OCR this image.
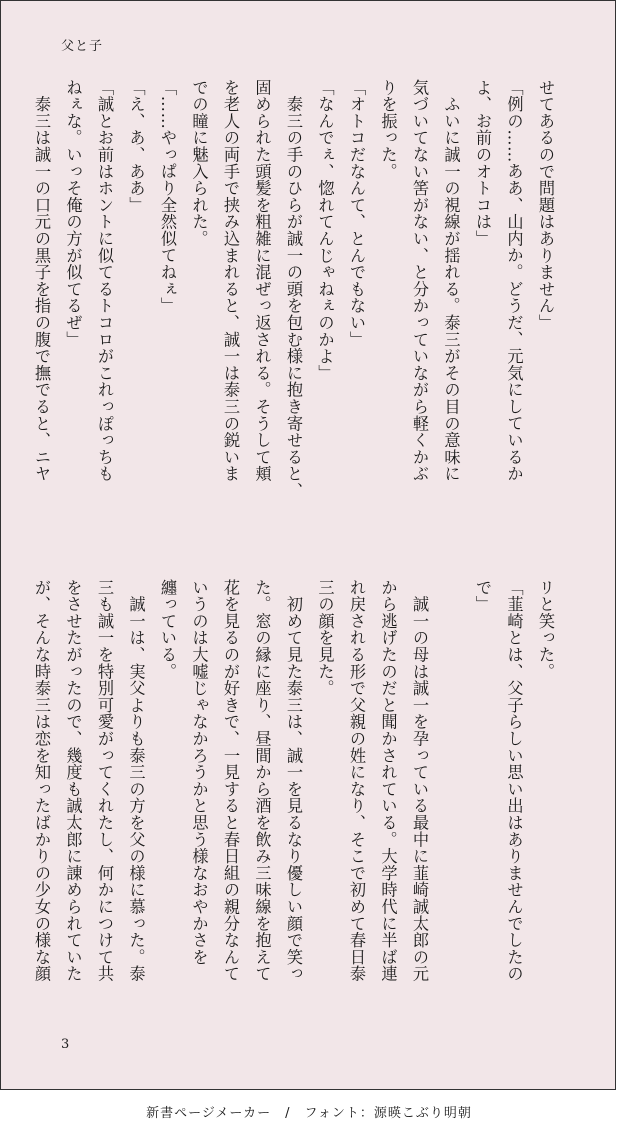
父と子

せてあるので問題はありません」

「例の……ああ、山内か。どうだ、元気にしているか

よ、お前のオトコは」

　ふいに誠一の視線が揺れる。泰三がその目の意味に

気づいてない筈がない、と分かっていながら軽くかぶ

りを振った。

「オトコだなんて、とんでもない」

「なんでぇ、惚れてんじゃねぇのかよ」

　泰三の手のひらが誠一の頭を包む様に抱き寄せると、

固められた頭髪を粗雑に混ぜっ返される。そうして頬

を老人の両手で挟み込まれると、誠一は泰三の鋭いま

での瞳に魅入られた。

「……やっぱり全然似てねぇ」

「え、あ、ああ」

「誠とお前はホントに似てるトコロがこれっぽっちも

ねぇな。いっそ俺の方が似てるぜ」

　泰三は誠一の口元の黒子を指の腹で撫でると、ニヤ

リと笑った。

「韮崎とは、父子らしい思い出はありませんでしたの

で」

　誠一の母は誠一を孕っている最中に韮崎誠太郎の元

から逃げたのだと聞かされている。大学時代に半ば連

れ戻される形で父親の姓になり、そこで初めて春日泰

三の顔を見た。

　初めて見た泰三は、誠一を見るなり優しい顔で笑っ

た。窓の縁に座り、昼間から酒を飲み三味線を抱えて

花を見るのが好きで、一見すると春日組の親分なんて

いうのは大嘘じゃなかろうかと思う様なおやかさを

纏っている。

　誠一は、実父よりも泰三の方を父の様に慕った。泰

三も誠一を特別可愛がってくれたし、何かにつけて共

をさせたがったので、幾度も誠太郎に諌められていた

が、そんな時泰三は恋を知ったばかりの少女の様な顔

3
新書ページメーカー　/　フォント：源暎こぶり明朝
